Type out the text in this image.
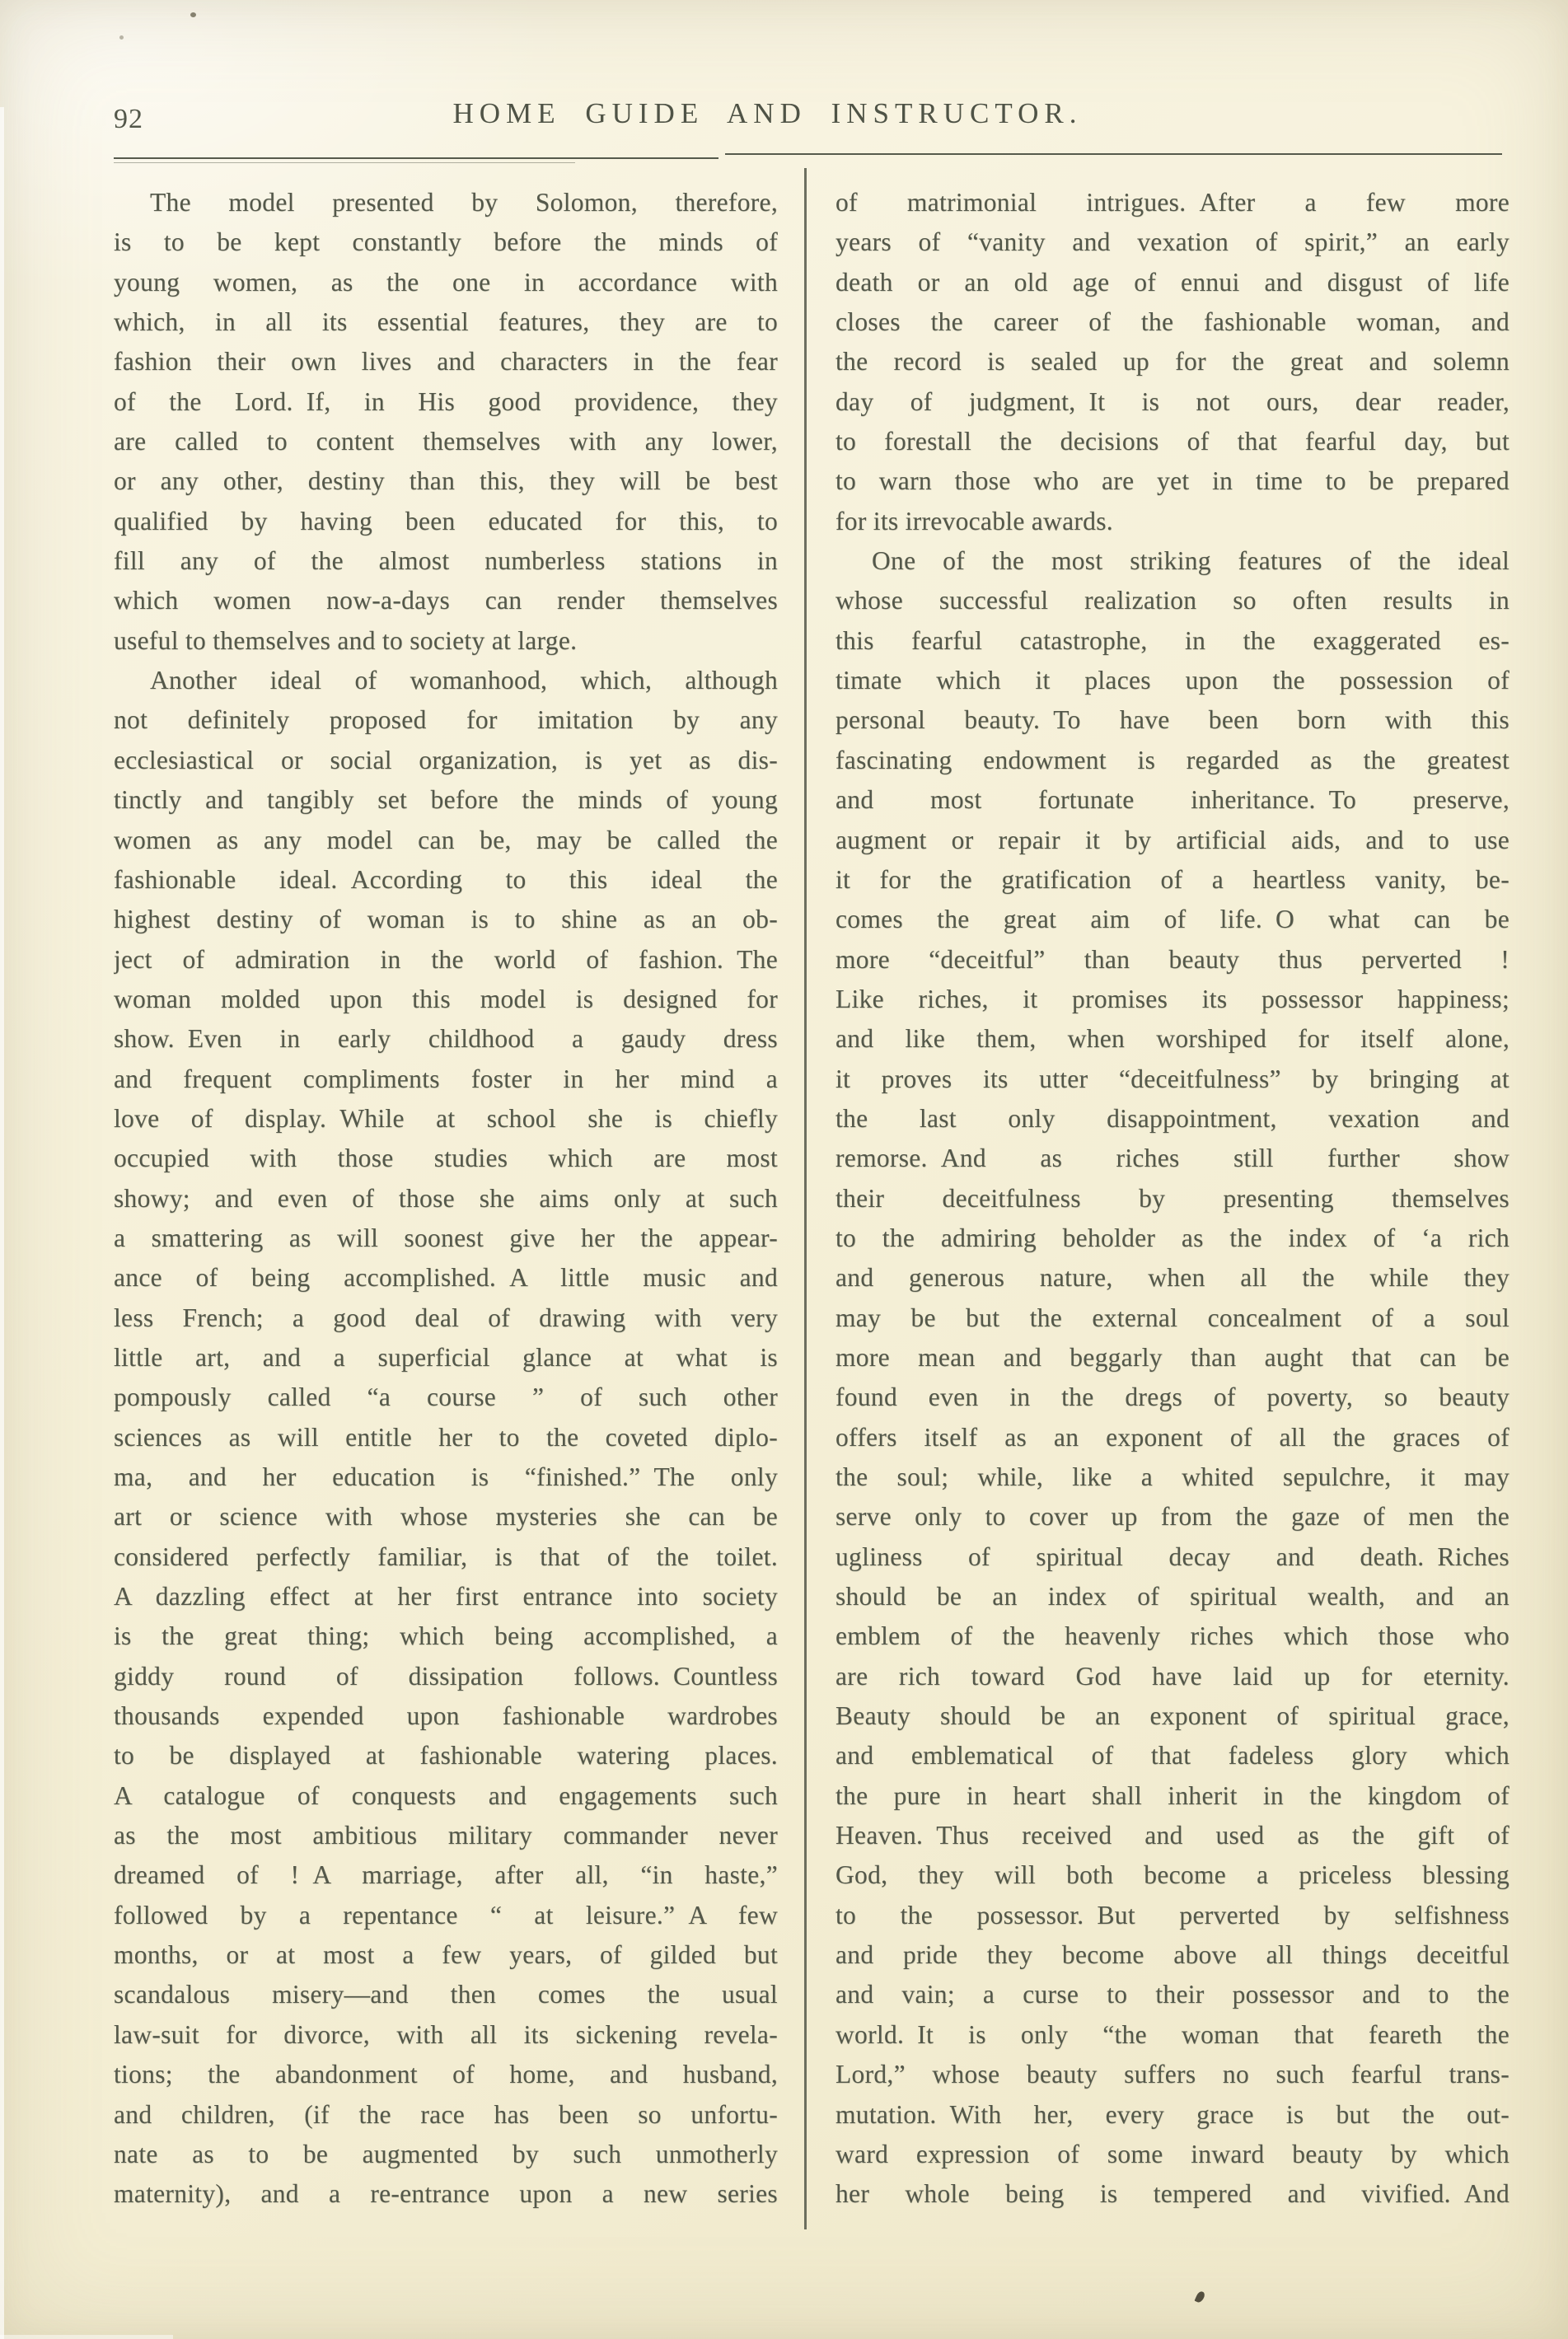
92	HOME GUIDE AND INSTRUCTOR.
The model presented by Solomon, therefore,
is to be kept constantly before the minds of
young women, as the one in accordance with
which, in all its essential features, they are to
fashion their own lives and characters in the fear
of the Lord. If, in His good providence, they
are called to content themselves with any lower,
or any other, destiny than this, they will be best
qualified by having been educated for this, to
fill any of the almost numberless stations in
which women now-a-days can render themselves
useful to themselves and to society at large.
Another ideal of womanhood, which, although
not definitely proposed for imitation by any
ecclesiastical or social organization, is yet as dis-
tinctly and tangibly set before the minds of young
women as any model can be, may be called the
fashionable ideal. According to this ideal the
highest destiny of woman is to shine as an ob-
ject of admiration in the world of fashion. The
woman molded upon this model is designed for
show. Even in early childhood a gaudy dress
and frequent compliments foster in her mind a
love of display. While at school she is chiefly
occupied with those studies which are most
showy; and even of those she aims only at such
a smattering as will soonest give her the appear-
ance of being accomplished. A little music and
less French; a good deal of drawing with very
little art, and a superficial glance at what is
pompously called “a course ” of such other
sciences as will entitle her to the coveted diplo-
ma, and her education is “finished.” The only
art or science with whose mysteries she can be
considered perfectly familiar, is that of the toilet.
A dazzling effect at her first entrance into society
is the great thing; which being accomplished, a
giddy round of dissipation follows. Countless
thousands expended upon fashionable wardrobes
to be displayed at fashionable watering places.
A catalogue of conquests and engagements such
as the most ambitious military commander never
dreamed of ! A marriage, after all, “in haste,”
followed by a repentance “ at leisure.” A few
months, or at most a few years, of gilded but
scandalous misery—and then comes the usual
law-suit for divorce, with all its sickening revela-
tions; the abandonment of home, and husband,
and children, (if the race has been so unfortu-
nate as to be augmented by such unmotherly
maternity), and a re-entrance upon a new series
of matrimonial intrigues. After a few more
years of “vanity and vexation of spirit,” an early
death or an old age of ennui and disgust of life
closes the career of the fashionable woman, and
the record is sealed up for the great and solemn
day of judgment, It is not ours, dear reader,
to forestall the decisions of that fearful day, but
to warn those who are yet in time to be prepared
for its irrevocable awards.
One of the most striking features of the ideal
whose successful realization so often results in
this fearful catastrophe, in the exaggerated es-
timate which it places upon the possession of
personal beauty. To have been born with this
fascinating endowment is regarded as the greatest
and most fortunate inheritance. To preserve,
augment or repair it by artificial aids, and to use
it for the gratification of a heartless vanity, be-
comes the great aim of life. O what can be
more “deceitful” than beauty thus perverted !
Like riches, it promises its possessor happiness;
and like them, when worshiped for itself alone,
it proves its utter “deceitfulness” by bringing at
the last only disappointment, vexation and
remorse. And as riches still further show
their deceitfulness by presenting themselves
to the admiring beholder as the index of ‘a rich
and generous nature, when all the while they
may be but the external concealment of a soul
more mean and beggarly than aught that can be
found even in the dregs of poverty, so beauty
offers itself as an exponent of all the graces of
the soul; while, like a whited sepulchre, it may
serve only to cover up from the gaze of men the
ugliness of spiritual decay and death. Riches
should be an index of spiritual wealth, and an
emblem of the heavenly riches which those who
are rich toward God have laid up for eternity.
Beauty should be an exponent of spiritual grace,
and emblematical of that fadeless glory which
the pure in heart shall inherit in the kingdom of
Heaven. Thus received and used as the gift of
God, they will both become a priceless blessing
to the possessor. But perverted by selfishness
and pride they become above all things deceitful
and vain; a curse to their possessor and to the
world. It is only “the woman that feareth the
Lord,” whose beauty suffers no such fearful trans-
mutation. With her, every grace is but the out-
ward expression of some inward beauty by which
her whole being is tempered and vivified. And
